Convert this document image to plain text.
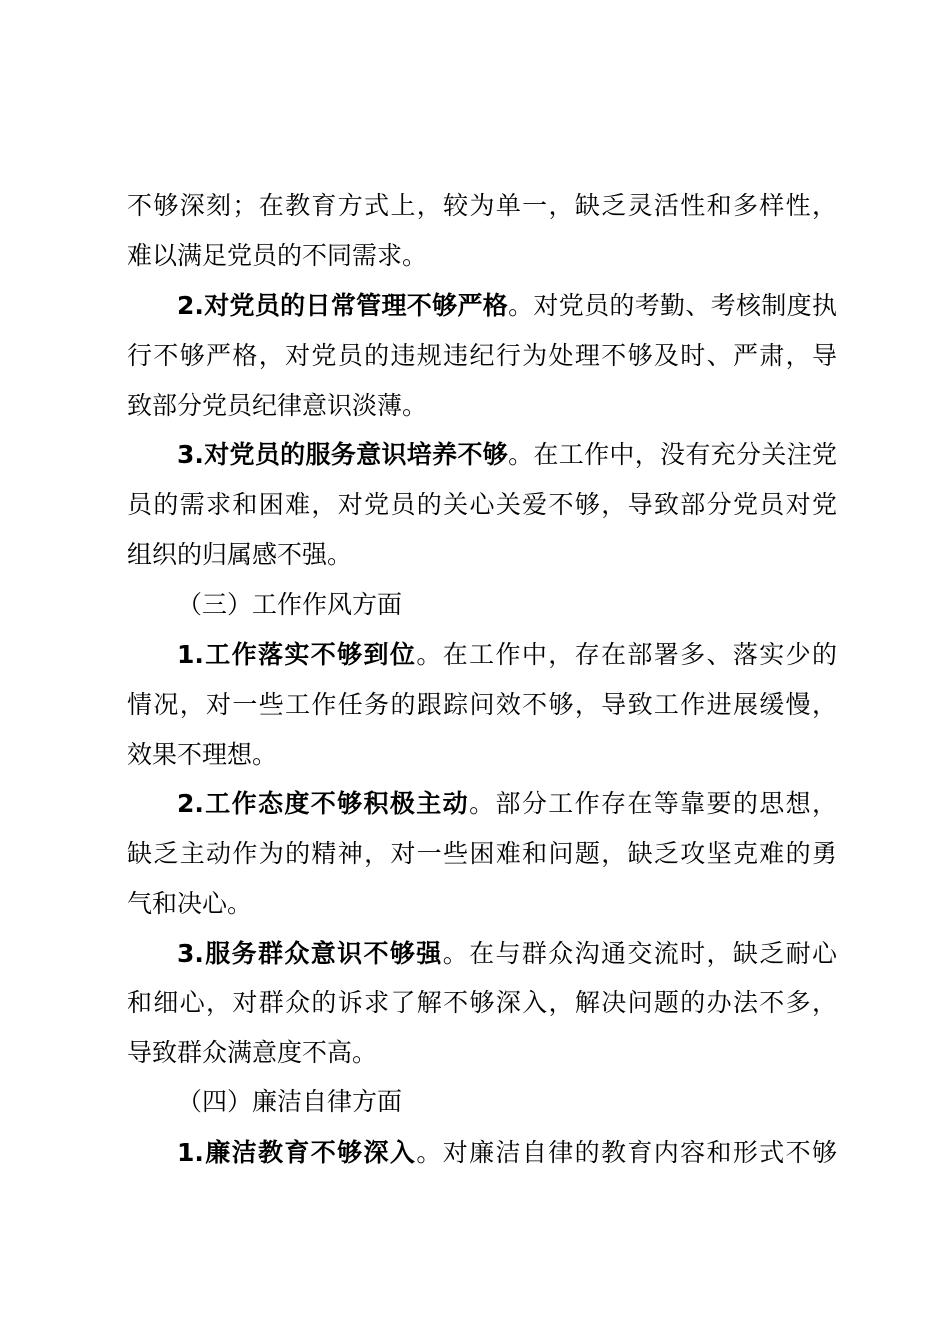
不够深刻；在教育方式上，较为单一，缺乏灵活性和多样性，
难以满足党员的不同需求。
2.对党员的日常管理不够严格。对党员的考勤、考核制度执
行不够严格，对党员的违规违纪行为处理不够及时、严肃，导
致部分党员纪律意识淡薄。
3.对党员的服务意识培养不够。在工作中，没有充分关注党
员的需求和困难，对党员的关心关爱不够，导致部分党员对党
组织的归属感不强。
（三）工作作风方面
1.工作落实不够到位。在工作中，存在部署多、落实少的
情况，对一些工作任务的跟踪问效不够，导致工作进展缓慢，
效果不理想。
2.工作态度不够积极主动。部分工作存在等靠要的思想，
缺乏主动作为的精神，对一些困难和问题，缺乏攻坚克难的勇
气和决心。
3.服务群众意识不够强。在与群众沟通交流时，缺乏耐心
和细心，对群众的诉求了解不够深入，解决问题的办法不多，
导致群众满意度不高。
（四）廉洁自律方面
1.廉洁教育不够深入。对廉洁自律的教育内容和形式不够
